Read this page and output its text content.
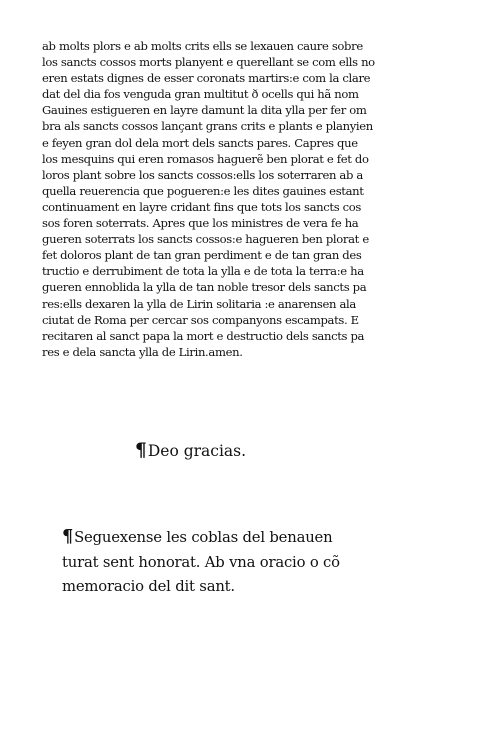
ab molts plors e ab molts crits ells se lexauen caure sobre
los sancts cossos morts planyent e querellant se com ells no
eren estats dignes de esser coronats martirs:e com la clare
dat del dia fos venguda gran multitut ð ocells qui hã nom
Gauines estigueren en layre damunt la dita ylla per fer om
bra als sancts cossos lançant grans crits e plants e planyien
e feyen gran dol dela mort dels sancts pares. Capres que
los mesquins qui eren romasos haguerẽ ben plorat e fet do
loros plant sobre los sancts cossos:ells los soterraren ab a
quella reuerencia que pogueren:e les dites gauines estant
continuament en layre cridant fins que tots los sancts cos
sos foren soterrats. Apres que los ministres de vera fe ha
gueren soterrats los sancts cossos:e hagueren ben plorat e
fet doloros plant de tan gran perdiment e de tan gran des
tructio e derrubiment de tota la ylla e de tota la terra:e ha
gueren ennoblida la ylla de tan noble tresor dels sancts pa
res:ells dexaren la ylla de Lirin solitaria :e anarensen ala
ciutat de Roma per cercar sos companyons escampats. E
recitaren al sanct papa la mort e destructio dels sancts pa
res e dela sancta ylla de Lirin.amen.
¶Deo gracias.
¶Seguexense les coblas del benauen
turat sent honorat. Ab vna oracio o cõ
memoracio del dit sant.
